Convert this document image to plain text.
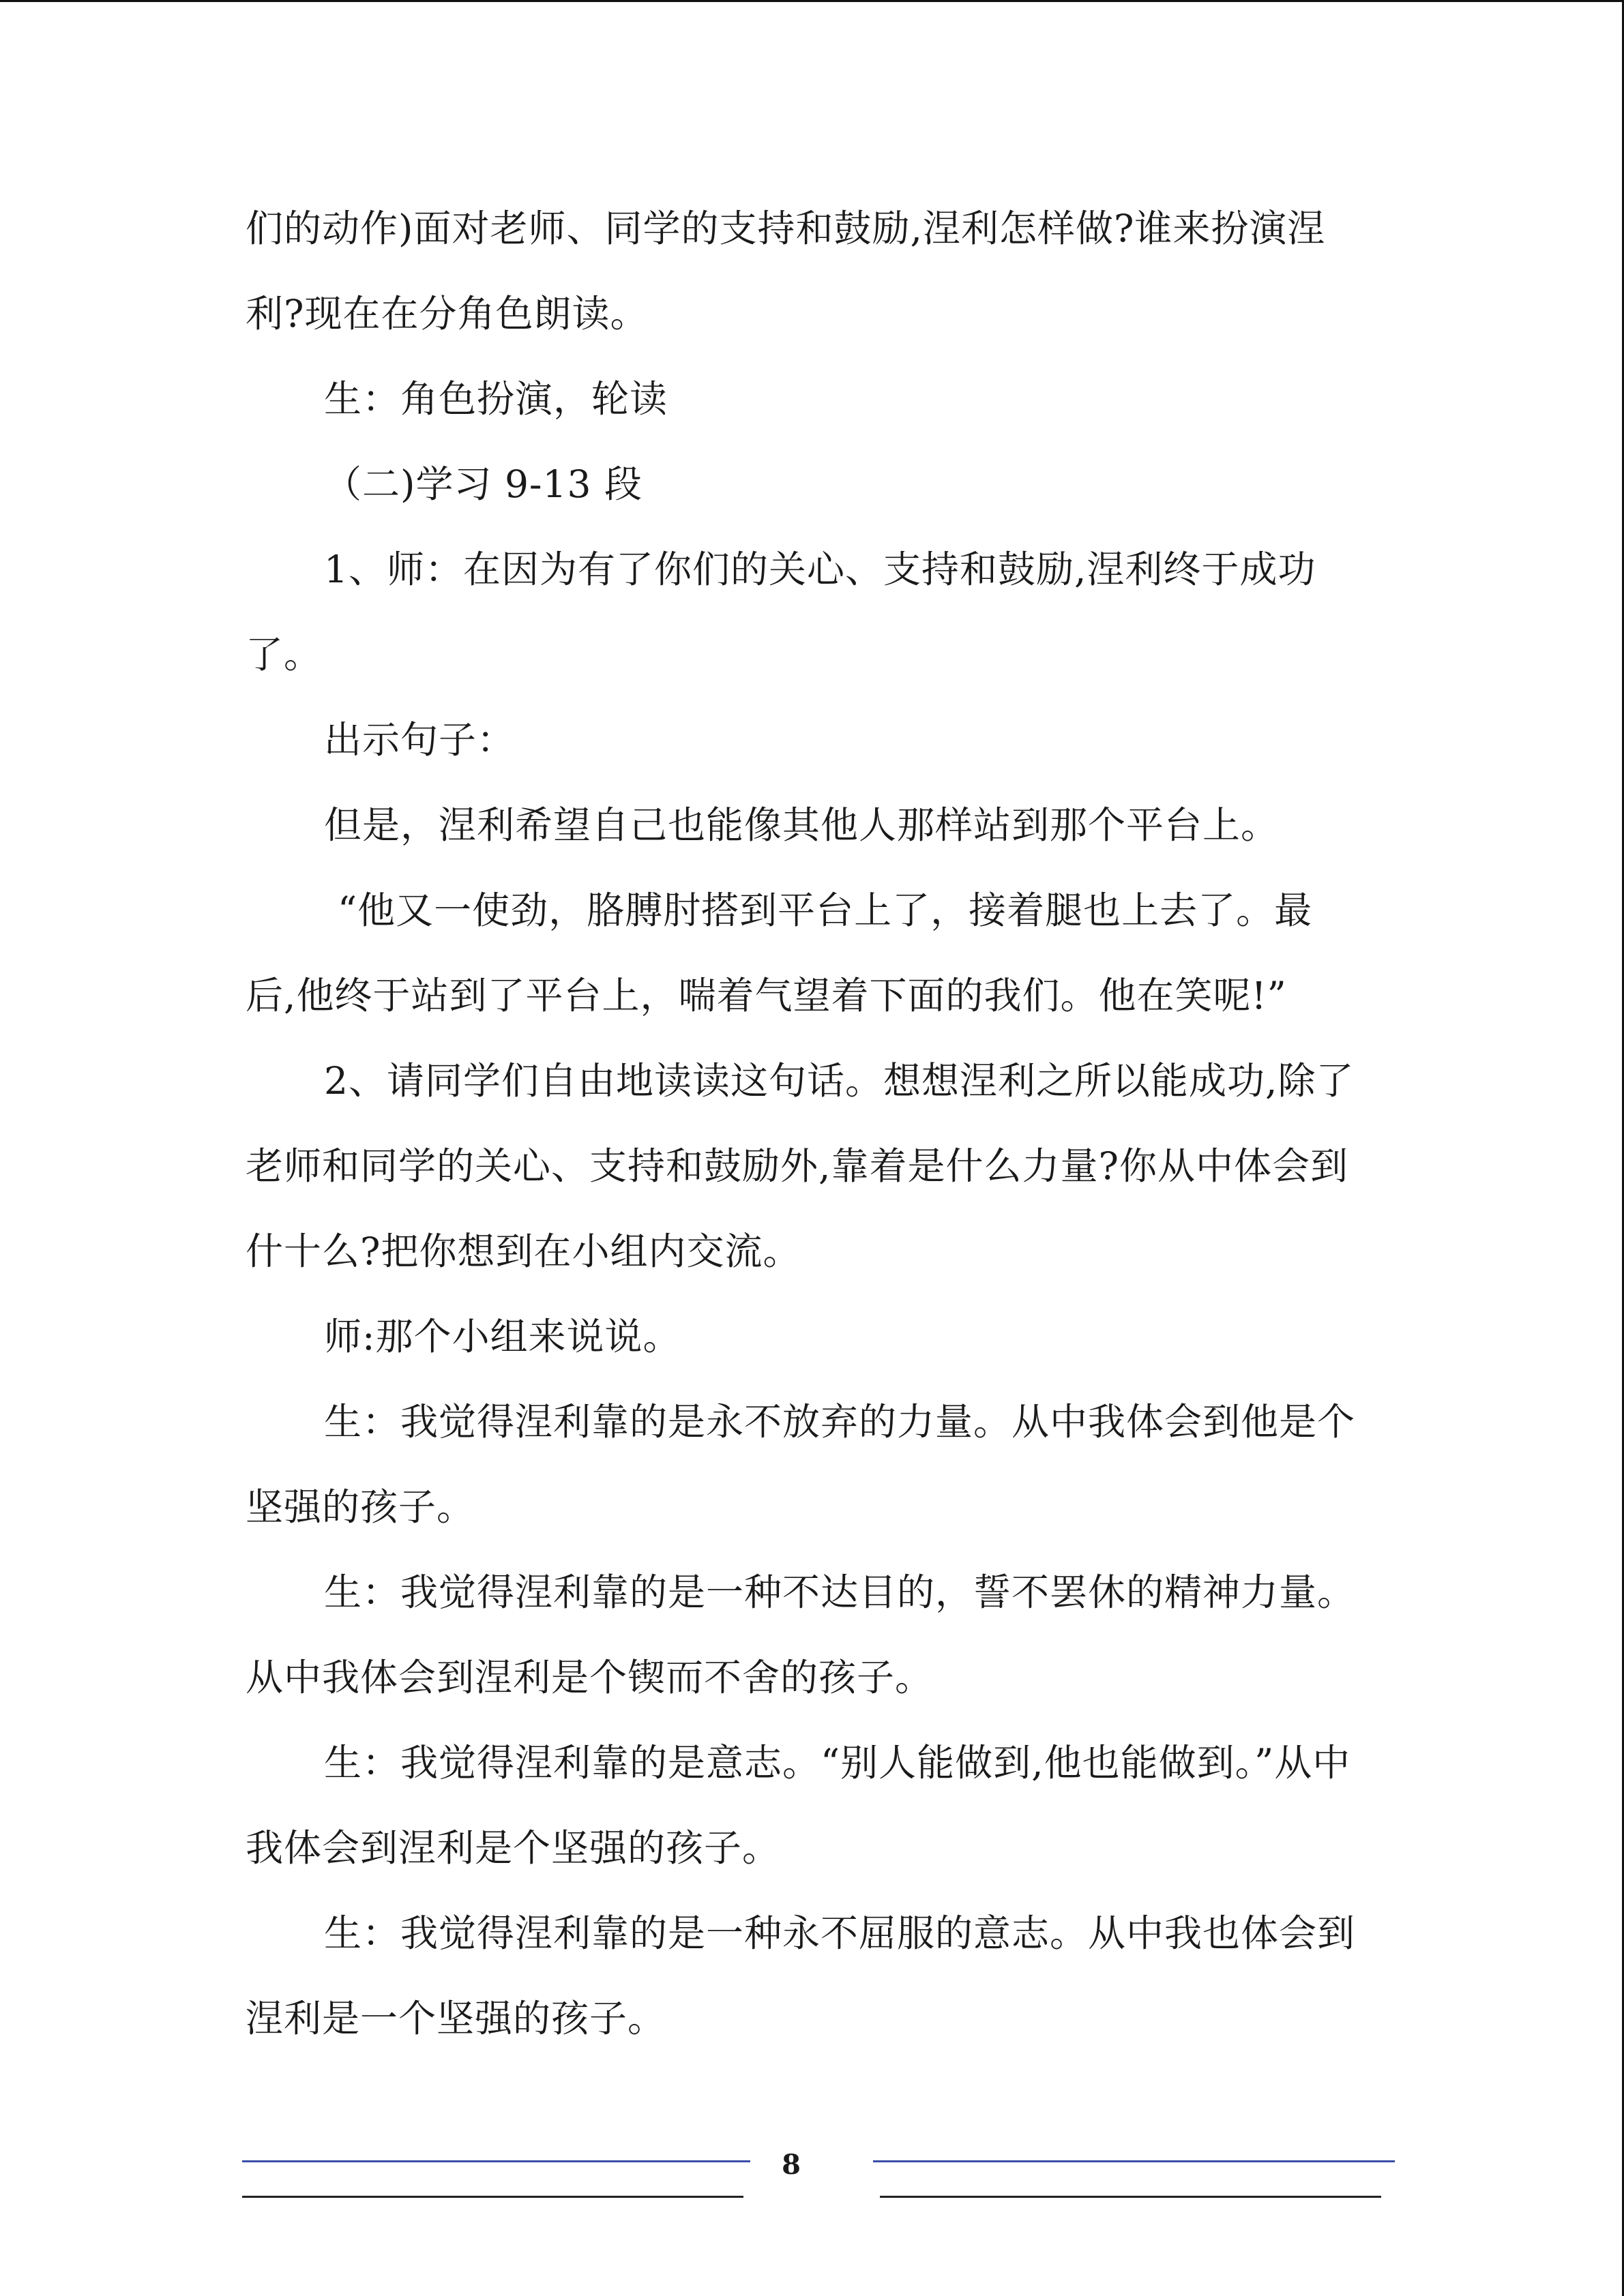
们的动作)面对老师、同学的支持和鼓励,涅利怎样做?谁来扮演涅
利?现在在分角色朗读。
生：角色扮演，轮读
（二)学习 9-13 段
1、师：在因为有了你们的关心、支持和鼓励,涅利终于成功
了。
出示句子：
但是，涅利希望自己也能像其他人那样站到那个平台上。
“他又一使劲，胳膊肘搭到平台上了，接着腿也上去了。最
后,他终于站到了平台上，喘着气望着下面的我们。他在笑呢!”
2、请同学们自由地读读这句话。想想涅利之所以能成功,除了
老师和同学的关心、支持和鼓励外,靠着是什么力量?你从中体会到
什十么?把你想到在小组内交流。
师:那个小组来说说。
生：我觉得涅利靠的是永不放弃的力量。从中我体会到他是个
坚强的孩子。
生：我觉得涅利靠的是一种不达目的，誓不罢休的精神力量。
从中我体会到涅利是个锲而不舍的孩子。
生：我觉得涅利靠的是意志。“别人能做到,他也能做到。”从中
我体会到涅利是个坚强的孩子。
生：我觉得涅利靠的是一种永不屈服的意志。从中我也体会到
涅利是一个坚强的孩子。
8
